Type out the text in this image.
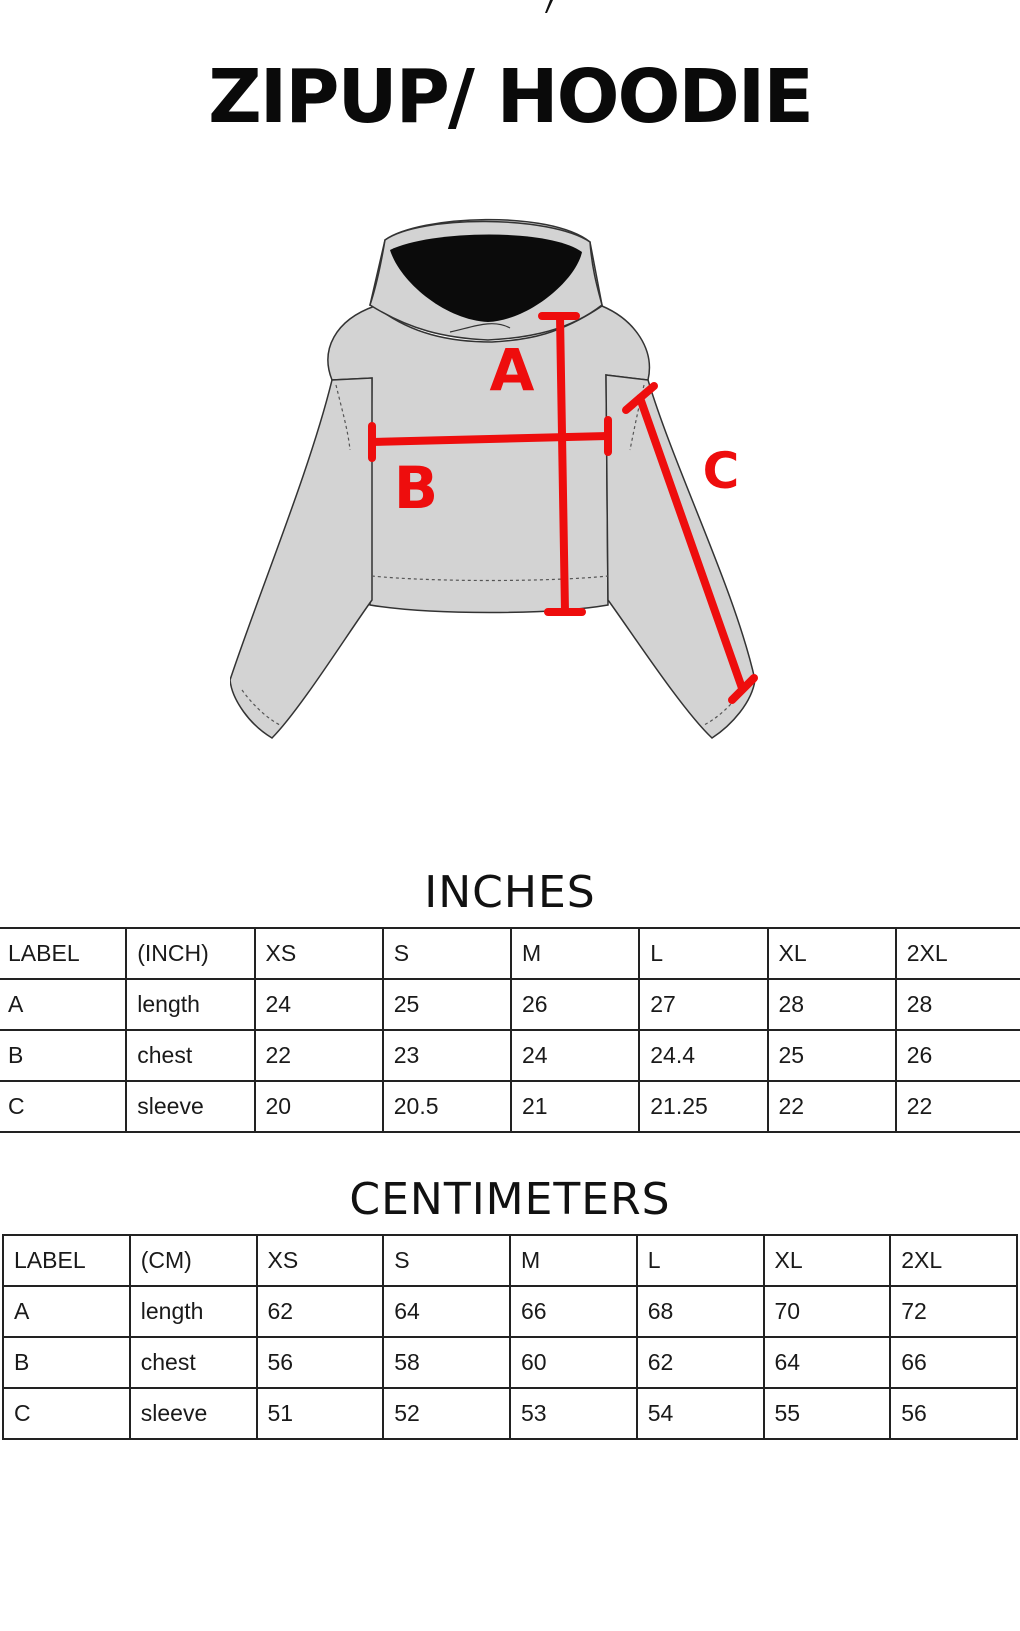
ZIPUP/ HOODIE
A
B	C
INCHES
LABEL	(INCH)	XS	S	M	L	XL	2XL
A	length	24	25	26	27	28	28
B	chest	22	23	24	24.4	25	26
C	sleeve	20	20.5	21	21.25	22	22
CENTIMETERS
LABEL	(CM)	XS	S	M	L	XL	2XL
A	length	62	64	66	68	70	72
B	chest	56	58	60	62	64	66
C	sleeve	51	52	53	54	55	56
